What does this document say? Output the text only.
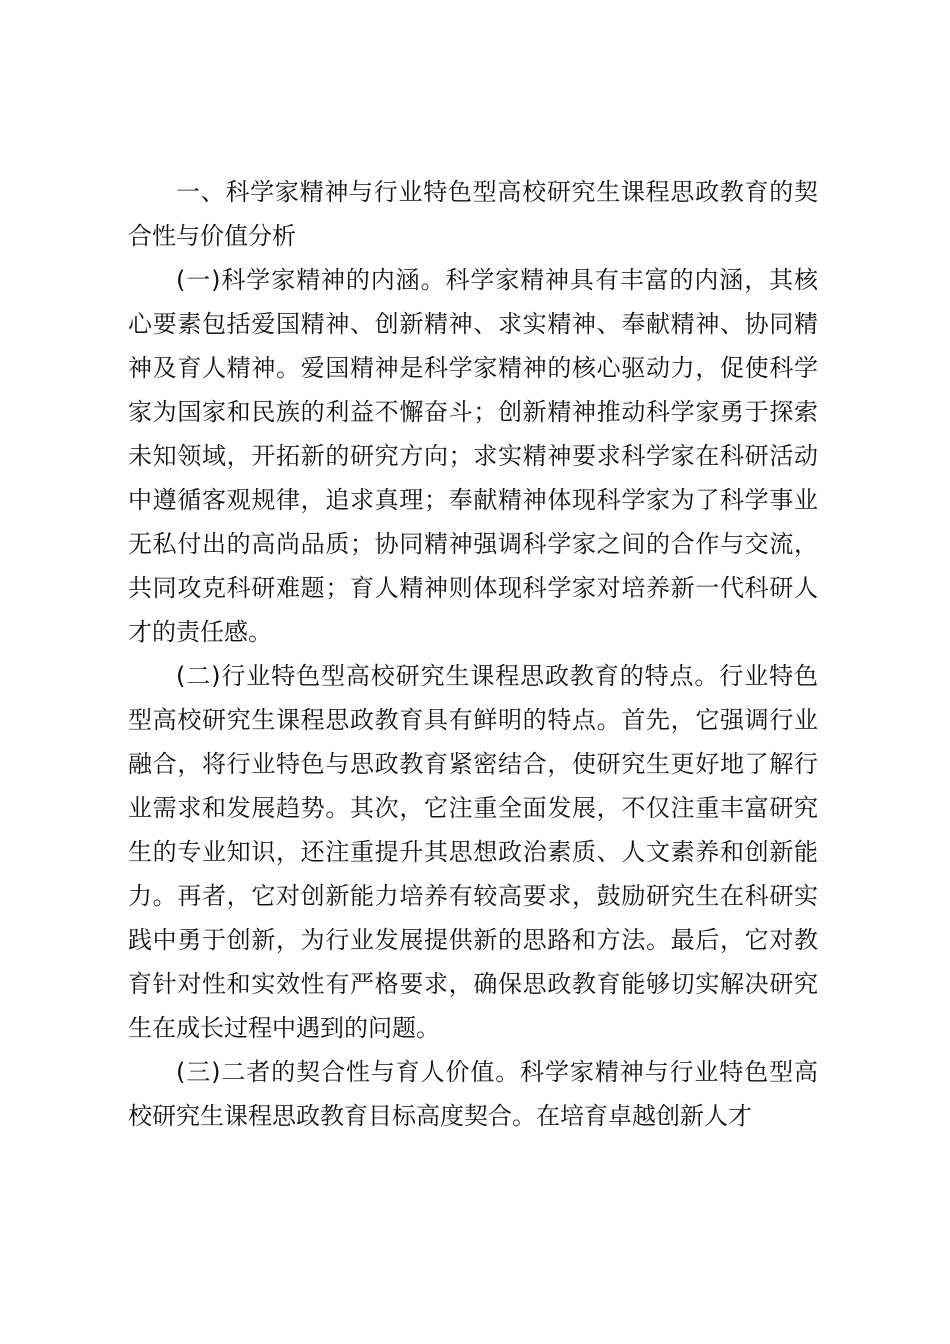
一、科学家精神与行业特色型高校研究生课程思政教育的契合性与价值分析

(一)科学家精神的内涵。科学家精神具有丰富的内涵，其核心要素包括爱国精神、创新精神、求实精神、奉献精神、协同精神及育人精神。爱国精神是科学家精神的核心驱动力，促使科学家为国家和民族的利益不懈奋斗；创新精神推动科学家勇于探索未知领域，开拓新的研究方向；求实精神要求科学家在科研活动中遵循客观规律，追求真理；奉献精神体现科学家为了科学事业无私付出的高尚品质；协同精神强调科学家之间的合作与交流，共同攻克科研难题；育人精神则体现科学家对培养新一代科研人才的责任感。

(二)行业特色型高校研究生课程思政教育的特点。行业特色型高校研究生课程思政教育具有鲜明的特点。首先，它强调行业融合，将行业特色与思政教育紧密结合，使研究生更好地了解行业需求和发展趋势。其次，它注重全面发展，不仅注重丰富研究生的专业知识，还注重提升其思想政治素质、人文素养和创新能力。再者，它对创新能力培养有较高要求，鼓励研究生在科研实践中勇于创新，为行业发展提供新的思路和方法。最后，它对教育针对性和实效性有严格要求，确保思政教育能够切实解决研究生在成长过程中遇到的问题。

(三)二者的契合性与育人价值。科学家精神与行业特色型高校研究生课程思政教育目标高度契合。在培育卓越创新人才
